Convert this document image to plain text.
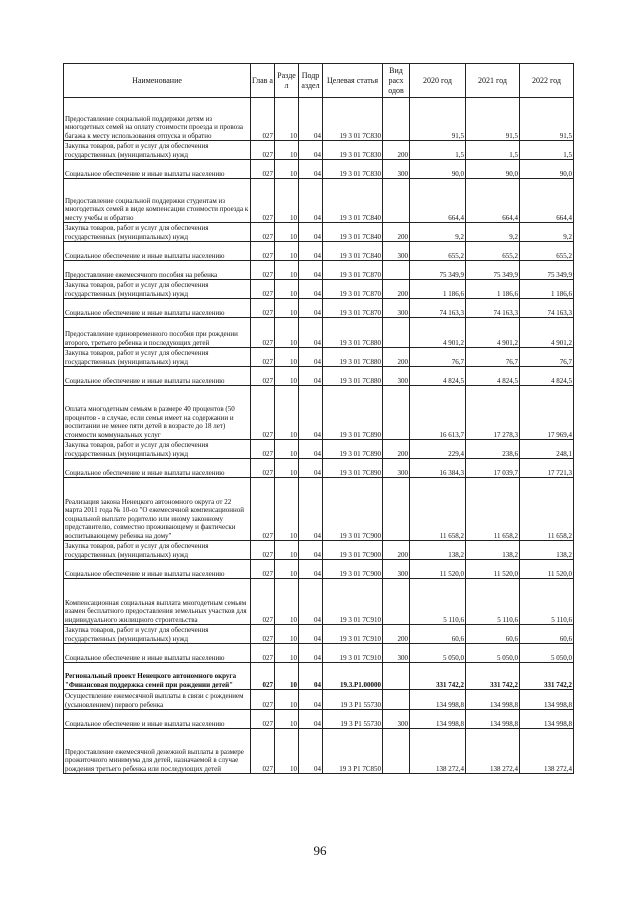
Наименование	Глав а	Разде л	Подр аздел	Целевая статья	Вид расх одов	2020 год	2021 год	2022 год
Предоставление социальной поддержки детям из многодетных семей на оплату стоимости проезда и провоза багажа к месту использования отпуска и обратно	027	10	04	19 3 01 7С830		91,5	91,5	91,5
Закупка товаров, работ и услуг для обеспечения государственных (муниципальных) нужд	027	10	04	19 3 01 7С830	200	1,5	1,5	1,5
Социальное обеспечение и иные выплаты населению	027	10	04	19 3 01 7С830	300	90,0	90,0	90,0
Предоставление социальной поддержки студентам из многодетных семей в виде компенсации стоимости проезда к месту учебы и обратно	027	10	04	19 3 01 7С840		664,4	664,4	664,4
Закупка товаров, работ и услуг для обеспечения государственных (муниципальных) нужд	027	10	04	19 3 01 7С840	200	9,2	9,2	9,2
Социальное обеспечение и иные выплаты населению	027	10	04	19 3 01 7С840	300	655,2	655,2	655,2
Предоставление ежемесячного пособия на ребенка	027	10	04	19 3 01 7С870		75 349,9	75 349,9	75 349,9
Закупка товаров, работ и услуг для обеспечения государственных (муниципальных) нужд	027	10	04	19 3 01 7С870	200	1 186,6	1 186,6	1 186,6
Социальное обеспечение и иные выплаты населению	027	10	04	19 3 01 7С870	300	74 163,3	74 163,3	74 163,3
Предоставление единовременного пособия при рождении второго, третьего ребенка и последующих детей	027	10	04	19 3 01 7С880		4 901,2	4 901,2	4 901,2
Закупка товаров, работ и услуг для обеспечения государственных (муниципальных) нужд	027	10	04	19 3 01 7С880	200	76,7	76,7	76,7
Социальное обеспечение и иные выплаты населению	027	10	04	19 3 01 7С880	300	4 824,5	4 824,5	4 824,5
Оплата многодетным семьям в размере 40 процентов (50 процентов - в случае, если семья имеет на содержании и воспитании не менее пяти детей в возрасте до 18 лет) стоимости коммунальных услуг	027	10	04	19 3 01 7С890		16 613,7	17 278,3	17 969,4
Закупка товаров, работ и услуг для обеспечения государственных (муниципальных) нужд	027	10	04	19 3 01 7С890	200	229,4	238,6	248,1
Социальное обеспечение и иные выплаты населению	027	10	04	19 3 01 7С890	300	16 384,3	17 039,7	17 721,3
Реализация закона Ненецкого автономного округа от 22 марта 2011 года № 10-оз "О ежемесячной компенсационной социальной выплате родителю или иному законному представителю, совместно проживающему и фактически воспитывающему ребенка на дому"	027	10	04	19 3 01 7С900		11 658,2	11 658,2	11 658,2
Закупка товаров, работ и услуг для обеспечения государственных (муниципальных) нужд	027	10	04	19 3 01 7С900	200	138,2	138,2	138,2
Социальное обеспечение и иные выплаты населению	027	10	04	19 3 01 7С900	300	11 520,0	11 520,0	11 520,0
Компенсационная социальная выплата многодетным семьям взамен бесплатного предоставления земельных участков для индивидуального жилищного строительства	027	10	04	19 3 01 7С910		5 110,6	5 110,6	5 110,6
Закупка товаров, работ и услуг для обеспечения государственных (муниципальных) нужд	027	10	04	19 3 01 7С910	200	60,6	60,6	60,6
Социальное обеспечение и иные выплаты населению	027	10	04	19 3 01 7С910	300	5 050,0	5 050,0	5 050,0
Региональный проект Ненецкого автономного округа "Финансовая поддержка семей при рождении детей"	027	10	04	19.3.Р1.00000		331 742,2	331 742,2	331 742,2
Осуществление ежемесячной выплаты в связи с рождением (усыновлением) первого ребенка	027	10	04	19 3 Р1 55730		134 998,8	134 998,8	134 998,8
Социальное обеспечение и иные выплаты населению	027	10	04	19 3 Р1 55730	300	134 998,8	134 998,8	134 998,8
Предоставление ежемесячной денежной выплаты в размере прожиточного минимума для детей, назначаемой в случае рождения третьего ребенка или последующих детей	027	10	04	19 3 Р1 7С850		138 272,4	138 272,4	138 272,4
96
